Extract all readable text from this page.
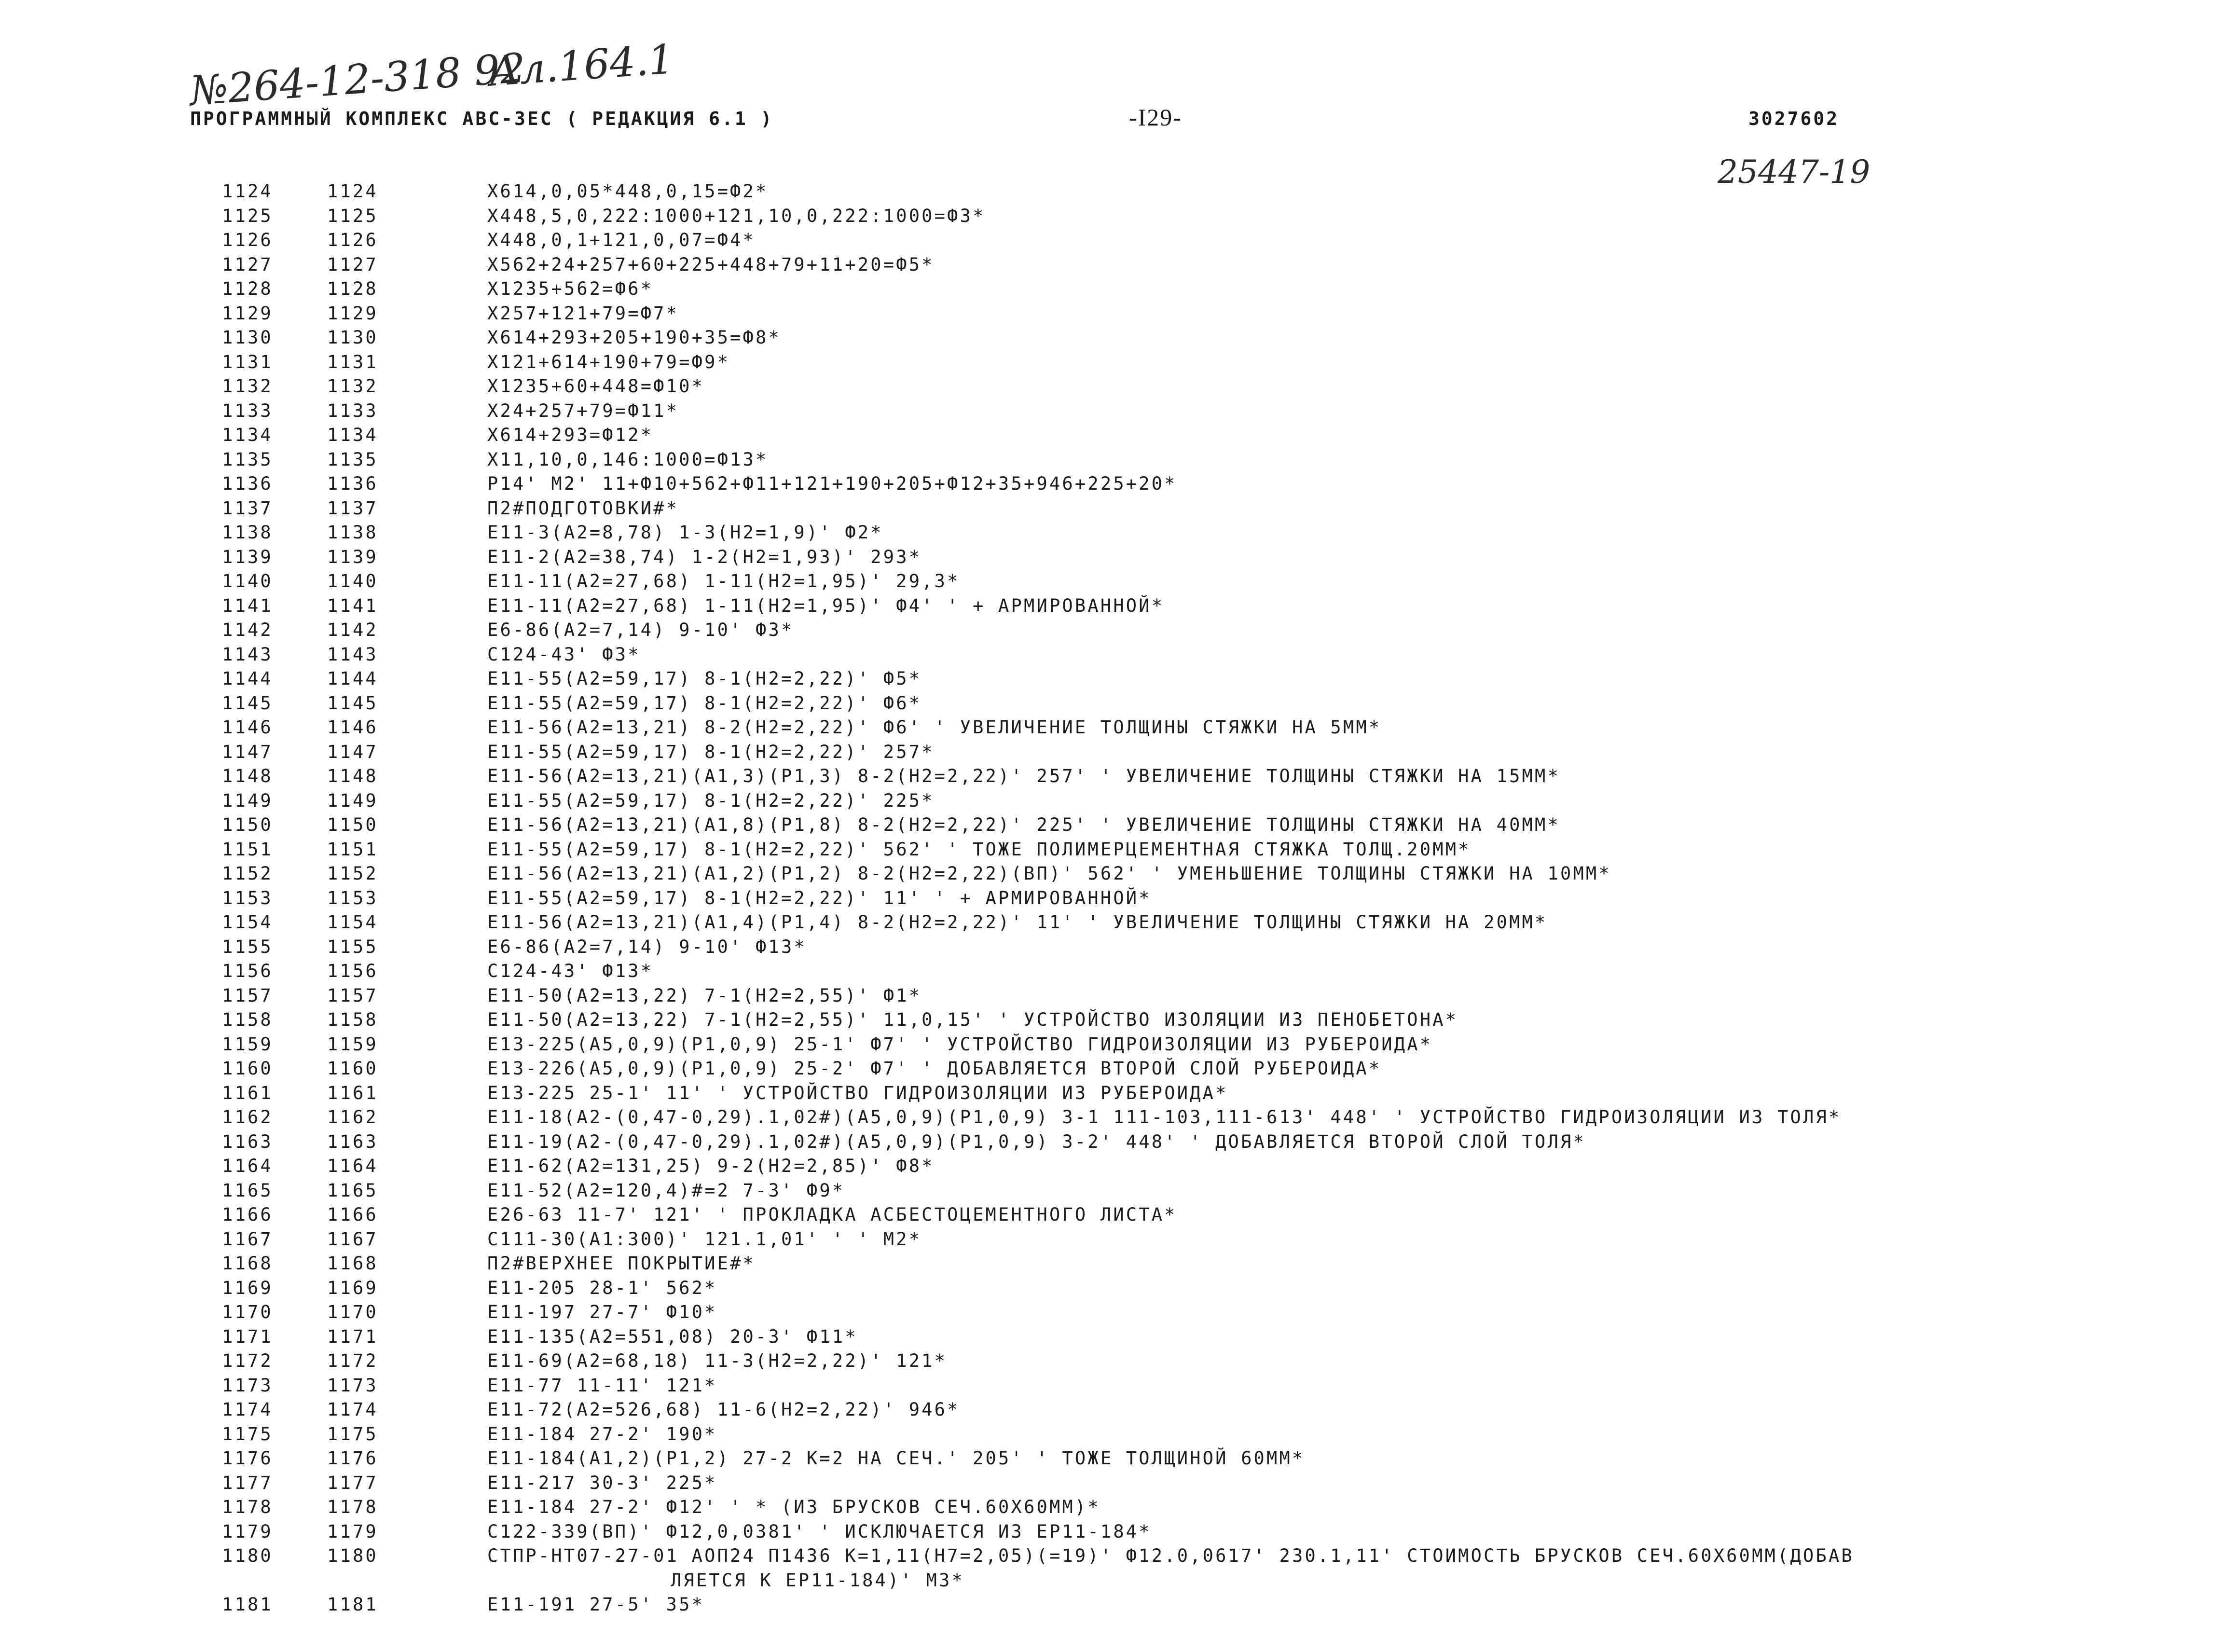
№264-12-318 92
Ал.164.1
25447-19
ПРОГРАММНЫЙ КОМПЛЕКС АВС-3ЕС ( РЕДАКЦИЯ 6.1 )	-I29-	3027602
1124	1124	X614,0,05*448,0,15=Ф2*
1125	1125	X448,5,0,222:1000+121,10,0,222:1000=Ф3*
1126	1126	X448,0,1+121,0,07=Ф4*
1127	1127	X562+24+257+60+225+448+79+11+20=Ф5*
1128	1128	X1235+562=Ф6*
1129	1129	X257+121+79=Ф7*
1130	1130	X614+293+205+190+35=Ф8*
1131	1131	X121+614+190+79=Ф9*
1132	1132	X1235+60+448=Ф10*
1133	1133	X24+257+79=Ф11*
1134	1134	X614+293=Ф12*
1135	1135	X11,10,0,146:1000=Ф13*
1136	1136	Р14' М2' 11+Ф10+562+Ф11+121+190+205+Ф12+35+946+225+20*
1137	1137	П2#ПОДГОТОВКИ#*
1138	1138	Е11-3(А2=8,78) 1-3(Н2=1,9)' Ф2*
1139	1139	Е11-2(А2=38,74) 1-2(Н2=1,93)' 293*
1140	1140	Е11-11(А2=27,68) 1-11(Н2=1,95)' 29,3*
1141	1141	Е11-11(А2=27,68) 1-11(Н2=1,95)' Ф4' ' + АРМИРОВАННОЙ*
1142	1142	Е6-86(А2=7,14) 9-10' Ф3*
1143	1143	С124-43' Ф3*
1144	1144	Е11-55(А2=59,17) 8-1(Н2=2,22)' Ф5*
1145	1145	Е11-55(А2=59,17) 8-1(Н2=2,22)' Ф6*
1146	1146	Е11-56(А2=13,21) 8-2(Н2=2,22)' Ф6' ' УВЕЛИЧЕНИЕ ТОЛЩИНЫ СТЯЖКИ НА 5ММ*
1147	1147	Е11-55(А2=59,17) 8-1(Н2=2,22)' 257*
1148	1148	Е11-56(А2=13,21)(А1,3)(Р1,3) 8-2(Н2=2,22)' 257' ' УВЕЛИЧЕНИЕ ТОЛЩИНЫ СТЯЖКИ НА 15ММ*
1149	1149	Е11-55(А2=59,17) 8-1(Н2=2,22)' 225*
1150	1150	Е11-56(А2=13,21)(А1,8)(Р1,8) 8-2(Н2=2,22)' 225' ' УВЕЛИЧЕНИЕ ТОЛЩИНЫ СТЯЖКИ НА 40ММ*
1151	1151	Е11-55(А2=59,17) 8-1(Н2=2,22)' 562' ' ТОЖЕ ПОЛИМЕРЦЕМЕНТНАЯ СТЯЖКА ТОЛЩ.20ММ*
1152	1152	Е11-56(А2=13,21)(А1,2)(Р1,2) 8-2(Н2=2,22)(ВП)' 562' ' УМЕНЬШЕНИЕ ТОЛЩИНЫ СТЯЖКИ НА 10ММ*
1153	1153	Е11-55(А2=59,17) 8-1(Н2=2,22)' 11' ' + АРМИРОВАННОЙ*
1154	1154	Е11-56(А2=13,21)(А1,4)(Р1,4) 8-2(Н2=2,22)' 11' ' УВЕЛИЧЕНИЕ ТОЛЩИНЫ СТЯЖКИ НА 20ММ*
1155	1155	Е6-86(А2=7,14) 9-10' Ф13*
1156	1156	С124-43' Ф13*
1157	1157	Е11-50(А2=13,22) 7-1(Н2=2,55)' Ф1*
1158	1158	Е11-50(А2=13,22) 7-1(Н2=2,55)' 11,0,15' ' УСТРОЙСТВО ИЗОЛЯЦИИ ИЗ ПЕНОБЕТОНА*
1159	1159	Е13-225(А5,0,9)(Р1,0,9) 25-1' Ф7' ' УСТРОЙСТВО ГИДРОИЗОЛЯЦИИ ИЗ РУБЕРОИДА*
1160	1160	Е13-226(А5,0,9)(Р1,0,9) 25-2' Ф7' ' ДОБАВЛЯЕТСЯ ВТОРОЙ СЛОЙ РУБЕРОИДА*
1161	1161	Е13-225 25-1' 11' ' УСТРОЙСТВО ГИДРОИЗОЛЯЦИИ ИЗ РУБЕРОИДА*
1162	1162	Е11-18(А2-(0,47-0,29).1,02#)(А5,0,9)(Р1,0,9) 3-1 111-103,111-613' 448' ' УСТРОЙСТВО ГИДРОИЗОЛЯЦИИ ИЗ ТОЛЯ*
1163	1163	Е11-19(А2-(0,47-0,29).1,02#)(А5,0,9)(Р1,0,9) 3-2' 448' ' ДОБАВЛЯЕТСЯ ВТОРОЙ СЛОЙ ТОЛЯ*
1164	1164	Е11-62(А2=131,25) 9-2(Н2=2,85)' Ф8*
1165	1165	Е11-52(А2=120,4)#=2 7-3' Ф9*
1166	1166	Е26-63 11-7' 121' ' ПРОКЛАДКА АСБЕСТОЦЕМЕНТНОГО ЛИСТА*
1167	1167	С111-30(А1:300)' 121.1,01' ' ' М2*
1168	1168	П2#ВЕРХНЕЕ ПОКРЫТИЕ#*
1169	1169	Е11-205 28-1' 562*
1170	1170	Е11-197 27-7' Ф10*
1171	1171	Е11-135(А2=551,08) 20-3' Ф11*
1172	1172	Е11-69(А2=68,18) 11-3(Н2=2,22)' 121*
1173	1173	Е11-77 11-11' 121*
1174	1174	Е11-72(А2=526,68) 11-6(Н2=2,22)' 946*
1175	1175	Е11-184 27-2' 190*
1176	1176	Е11-184(А1,2)(Р1,2) 27-2 К=2 НА СЕЧ.' 205' ' ТОЖЕ ТОЛЩИНОЙ 60ММ*
1177	1177	Е11-217 30-3' 225*
1178	1178	Е11-184 27-2' Ф12' ' * (ИЗ БРУСКОВ СЕЧ.60Х60ММ)*
1179	1179	С122-339(ВП)' Ф12,0,0381' ' ИСКЛЮЧАЕТСЯ ИЗ ЕР11-184*
1180	1180	СТПР-НТ07-27-01 АОП24 П1436 К=1,11(Н7=2,05)(=19)' Ф12.0,0617' 230.1,11' СТОИМОСТЬ БРУСКОВ СЕЧ.60Х60ММ(ДОБАВ
ЛЯЕТСЯ К ЕР11-184)' М3*
1181	1181	Е11-191 27-5' 35*
